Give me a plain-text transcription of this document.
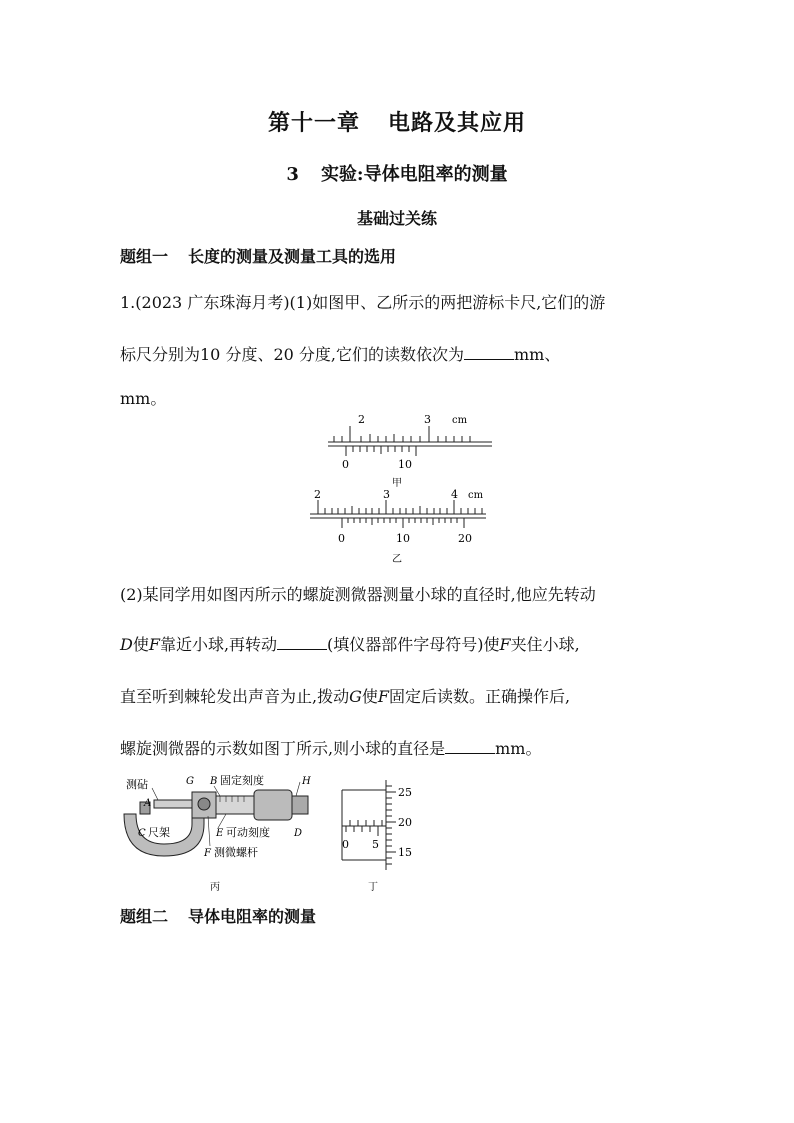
第十一章 电路及其应用
3 实验:导体电阻率的测量
基础过关练
题组一 长度的测量及测量工具的选用
1.(2023 广东珠海月考)(1)如图甲、乙所示的两把游标卡尺,它们的游
标尺分别为10 分度、20 分度,它们的读数依次为	mm、
mm。
2	3 cm
0	10
甲
2	3	4 cm
0	10	20
乙
(2)某同学用如图丙所示的螺旋测微器测量小球的直径时,他应先转动
D使F靠近小球,再转动	(填仪器部件字母符号)使F夹住小球,
直至听到棘轮发出声音为止,拨动G使F固定后读数。正确操作后,
螺旋测微器的示数如图丁所示,则小球的直径是	mm。
测砧
A
G B 固定刻度	H
C 尺架	E 可动刻度 D
F 测微螺杆
丙
0 5
25
20
15
丁
题组二 导体电阻率的测量
